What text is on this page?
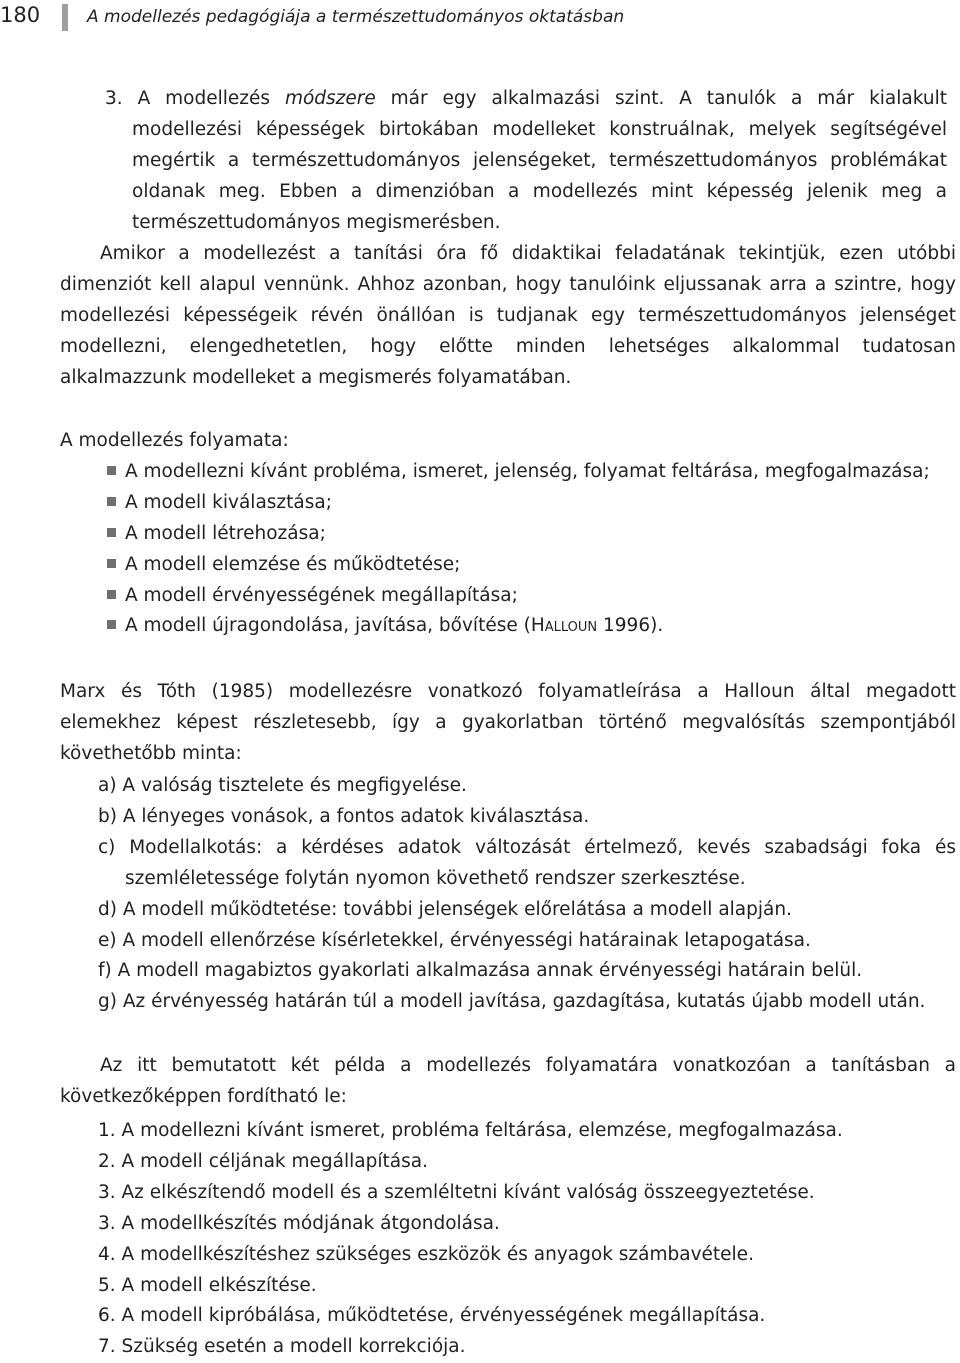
180	A modellezés pedagógiája a természettudományos oktatásban
3. A modellezés módszere már egy alkalmazási szint. A tanulók a már kialakult modellezési képességek birtokában modelleket konstruálnak, melyek segítségével megértik a természettudományos jelenségeket, természettudományos problémákat oldanak meg. Ebben a dimenzióban a modellezés mint képesség jelenik meg a természettudományos megismerésben.
Amikor a modellezést a tanítási óra fő didaktikai feladatának tekintjük, ezen utóbbi dimenziót kell alapul vennünk. Ahhoz azonban, hogy tanulóink eljussanak arra a szintre, hogy modellezési képességeik révén önállóan is tudjanak egy természettudományos jelenséget modellezni, elengedhetetlen, hogy előtte minden lehetséges alkalommal tudatosan alkalmazzunk modelleket a megismerés folyamatában.
A modellezés folyamata:
A modellezni kívánt probléma, ismeret, jelenség, folyamat feltárása, megfogalmazása;
A modell kiválasztása;
A modell létrehozása;
A modell elemzése és működtetése;
A modell érvényességének megállapítása;
A modell újragondolása, javítása, bővítése (Halloun 1996).
Marx és Tóth (1985) modellezésre vonatkozó folyamatleírása a Halloun által megadott elemekhez képest részletesebb, így a gyakorlatban történő megvalósítás szempontjából követhetőbb minta:
a) A valóság tisztelete és megfigyelése.
b) A lényeges vonások, a fontos adatok kiválasztása.
c) Modellalkotás: a kérdéses adatok változását értelmező, kevés szabadsági foka és szemléletessége folytán nyomon követhető rendszer szerkesztése.
d) A modell működtetése: további jelenségek előrelátása a modell alapján.
e) A modell ellenőrzése kísérletekkel, érvényességi határainak letapogatása.
f) A modell magabiztos gyakorlati alkalmazása annak érvényességi határain belül.
g) Az érvényesség határán túl a modell javítása, gazdagítása, kutatás újabb modell után.
Az itt bemutatott két példa a modellezés folyamatára vonatkozóan a tanításban a következőképpen fordítható le:
1. A modellezni kívánt ismeret, probléma feltárása, elemzése, megfogalmazása.
2. A modell céljának megállapítása.
3. Az elkészítendő modell és a szemléltetni kívánt valóság összeegyeztetése.
3. A modellkészítés módjának átgondolása.
4. A modellkészítéshez szükséges eszközök és anyagok számbavétele.
5. A modell elkészítése.
6. A modell kipróbálása, működtetése, érvényességének megállapítása.
7. Szükség esetén a modell korrekciója.
